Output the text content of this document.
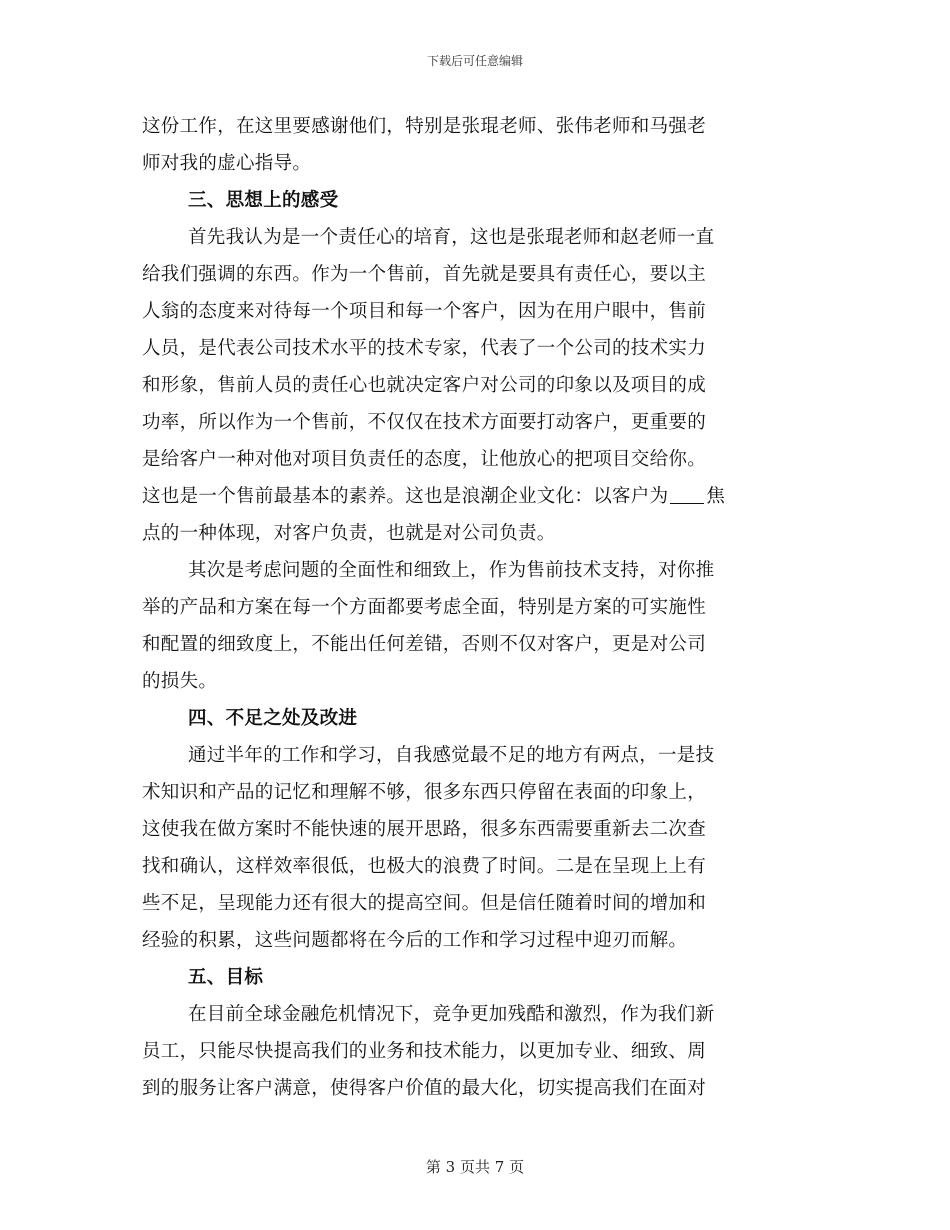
下载后可任意编辑
这份工作，在这里要感谢他们，特别是张琨老师、张伟老师和马强老
师对我的虚心指导。
三、思想上的感受
首先我认为是一个责任心的培育，这也是张琨老师和赵老师一直
给我们强调的东西。作为一个售前，首先就是要具有责任心，要以主
人翁的态度来对待每一个项目和每一个客户，因为在用户眼中，售前
人员，是代表公司技术水平的技术专家，代表了一个公司的技术实力
和形象，售前人员的责任心也就决定客户对公司的印象以及项目的成
功率，所以作为一个售前，不仅仅在技术方面要打动客户，更重要的
是给客户一种对他对项目负责任的态度，让他放心的把项目交给你。
这也是一个售前最基本的素养。这也是浪潮企业文化：以客户为 焦
点的一种体现，对客户负责，也就是对公司负责。
其次是考虑问题的全面性和细致上，作为售前技术支持，对你推
举的产品和方案在每一个方面都要考虑全面，特别是方案的可实施性
和配置的细致度上，不能出任何差错，否则不仅对客户，更是对公司
的损失。
四、不足之处及改进
通过半年的工作和学习，自我感觉最不足的地方有两点，一是技
术知识和产品的记忆和理解不够，很多东西只停留在表面的印象上，
这使我在做方案时不能快速的展开思路，很多东西需要重新去二次查
找和确认，这样效率很低，也极大的浪费了时间。二是在呈现上上有
些不足，呈现能力还有很大的提高空间。但是信任随着时间的增加和
经验的积累，这些问题都将在今后的工作和学习过程中迎刃而解。
五、目标
在目前全球金融危机情况下，竞争更加残酷和激烈，作为我们新
员工，只能尽快提高我们的业务和技术能力，以更加专业、细致、周
到的服务让客户满意，使得客户价值的最大化，切实提高我们在面对
第 3 页共 7 页
